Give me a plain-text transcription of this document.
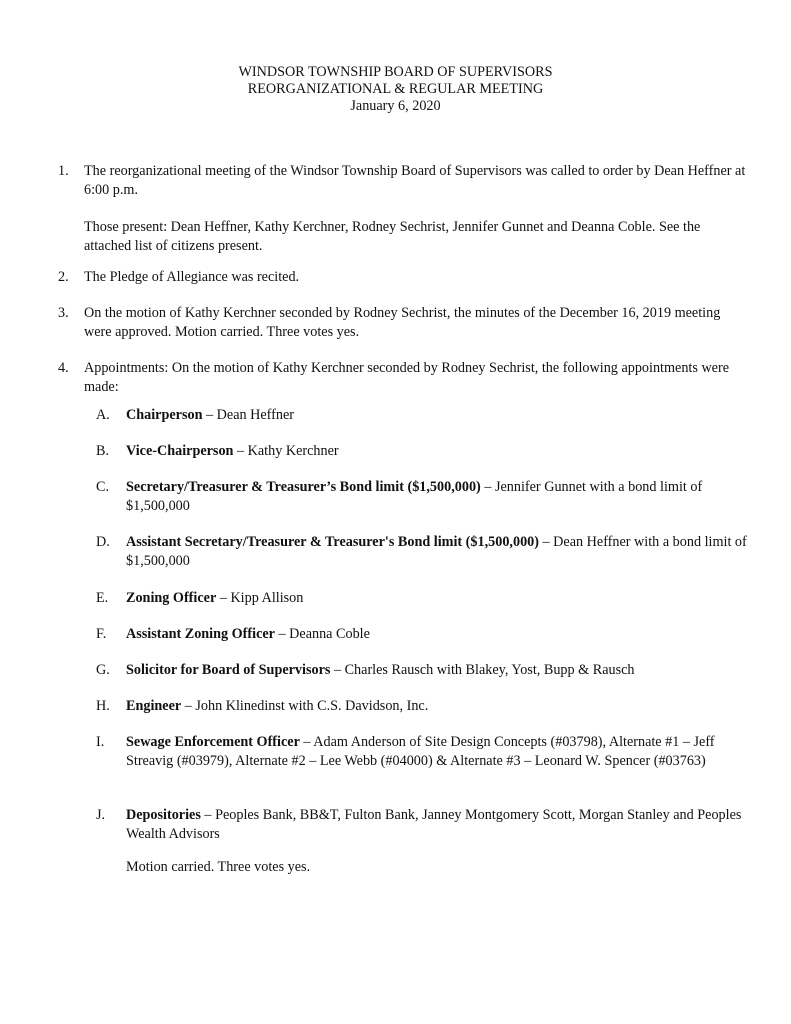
WINDSOR TOWNSHIP BOARD OF SUPERVISORS
REORGANIZATIONAL & REGULAR MEETING
January 6, 2020
1.	The reorganizational meeting of the Windsor Township Board of Supervisors was called to order by Dean Heffner at 6:00 p.m.

Those present: Dean Heffner, Kathy Kerchner, Rodney Sechrist, Jennifer Gunnet and Deanna Coble. See the attached list of citizens present.

2.	The Pledge of Allegiance was recited.

3.	On the motion of Kathy Kerchner seconded by Rodney Sechrist, the minutes of the December 16, 2019 meeting were approved. Motion carried. Three votes yes.

4.	Appointments: On the motion of Kathy Kerchner seconded by Rodney Sechrist, the following appointments were made:

A.	Chairperson – Dean Heffner

B.	Vice-Chairperson – Kathy Kerchner

C.	Secretary/Treasurer & Treasurer’s Bond limit ($1,500,000) – Jennifer Gunnet with a bond limit of $1,500,000

D.	Assistant Secretary/Treasurer & Treasurer's Bond limit ($1,500,000) – Dean Heffner with a bond limit of $1,500,000

E.	Zoning Officer – Kipp Allison

F.	Assistant Zoning Officer – Deanna Coble

G.	Solicitor for Board of Supervisors – Charles Rausch with Blakey, Yost, Bupp & Rausch

H.	Engineer – John Klinedinst with C.S. Davidson, Inc.

I.	Sewage Enforcement Officer – Adam Anderson of Site Design Concepts (#03798), Alternate #1 – Jeff Streavig (#03979), Alternate #2 – Lee Webb (#04000) & Alternate #3 – Leonard W. Spencer (#03763)

J.	Depositories – Peoples Bank, BB&T, Fulton Bank, Janney Montgomery Scott, Morgan Stanley and Peoples Wealth Advisors

Motion carried. Three votes yes.
